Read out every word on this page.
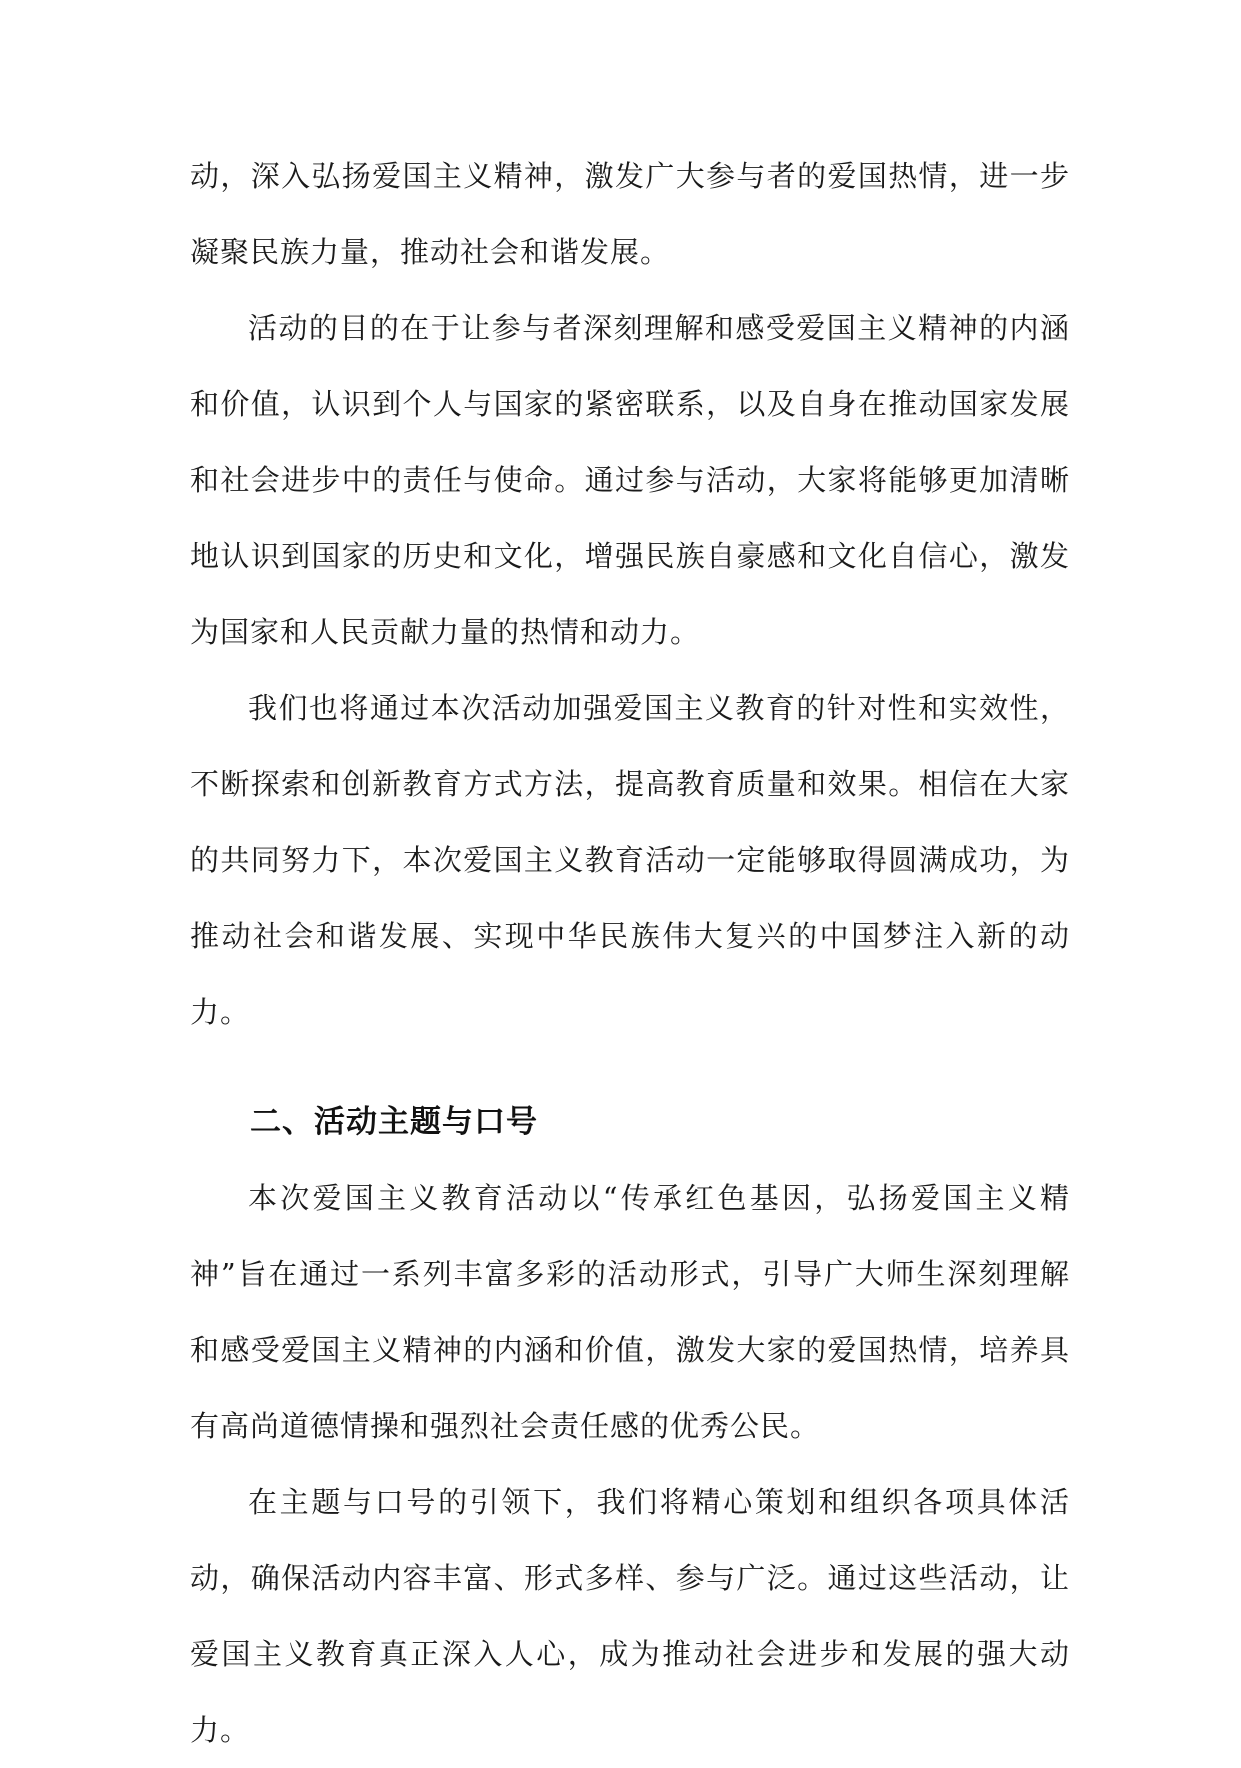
动，深入弘扬爱国主义精神，激发广大参与者的爱国热情，进一步凝聚民族力量，推动社会和谐发展。

活动的目的在于让参与者深刻理解和感受爱国主义精神的内涵和价值，认识到个人与国家的紧密联系，以及自身在推动国家发展和社会进步中的责任与使命。通过参与活动，大家将能够更加清晰地认识到国家的历史和文化，增强民族自豪感和文化自信心，激发为国家和人民贡献力量的热情和动力。

我们也将通过本次活动加强爱国主义教育的针对性和实效性，不断探索和创新教育方式方法，提高教育质量和效果。相信在大家的共同努力下，本次爱国主义教育活动一定能够取得圆满成功，为推动社会和谐发展、实现中华民族伟大复兴的中国梦注入新的动力。

二、活动主题与口号

本次爱国主义教育活动以“传承红色基因，弘扬爱国主义精神”旨在通过一系列丰富多彩的活动形式，引导广大师生深刻理解和感受爱国主义精神的内涵和价值，激发大家的爱国热情，培养具有高尚道德情操和强烈社会责任感的优秀公民。

在主题与口号的引领下，我们将精心策划和组织各项具体活动，确保活动内容丰富、形式多样、参与广泛。通过这些活动，让爱国主义教育真正深入人心，成为推动社会进步和发展的强大动力。
